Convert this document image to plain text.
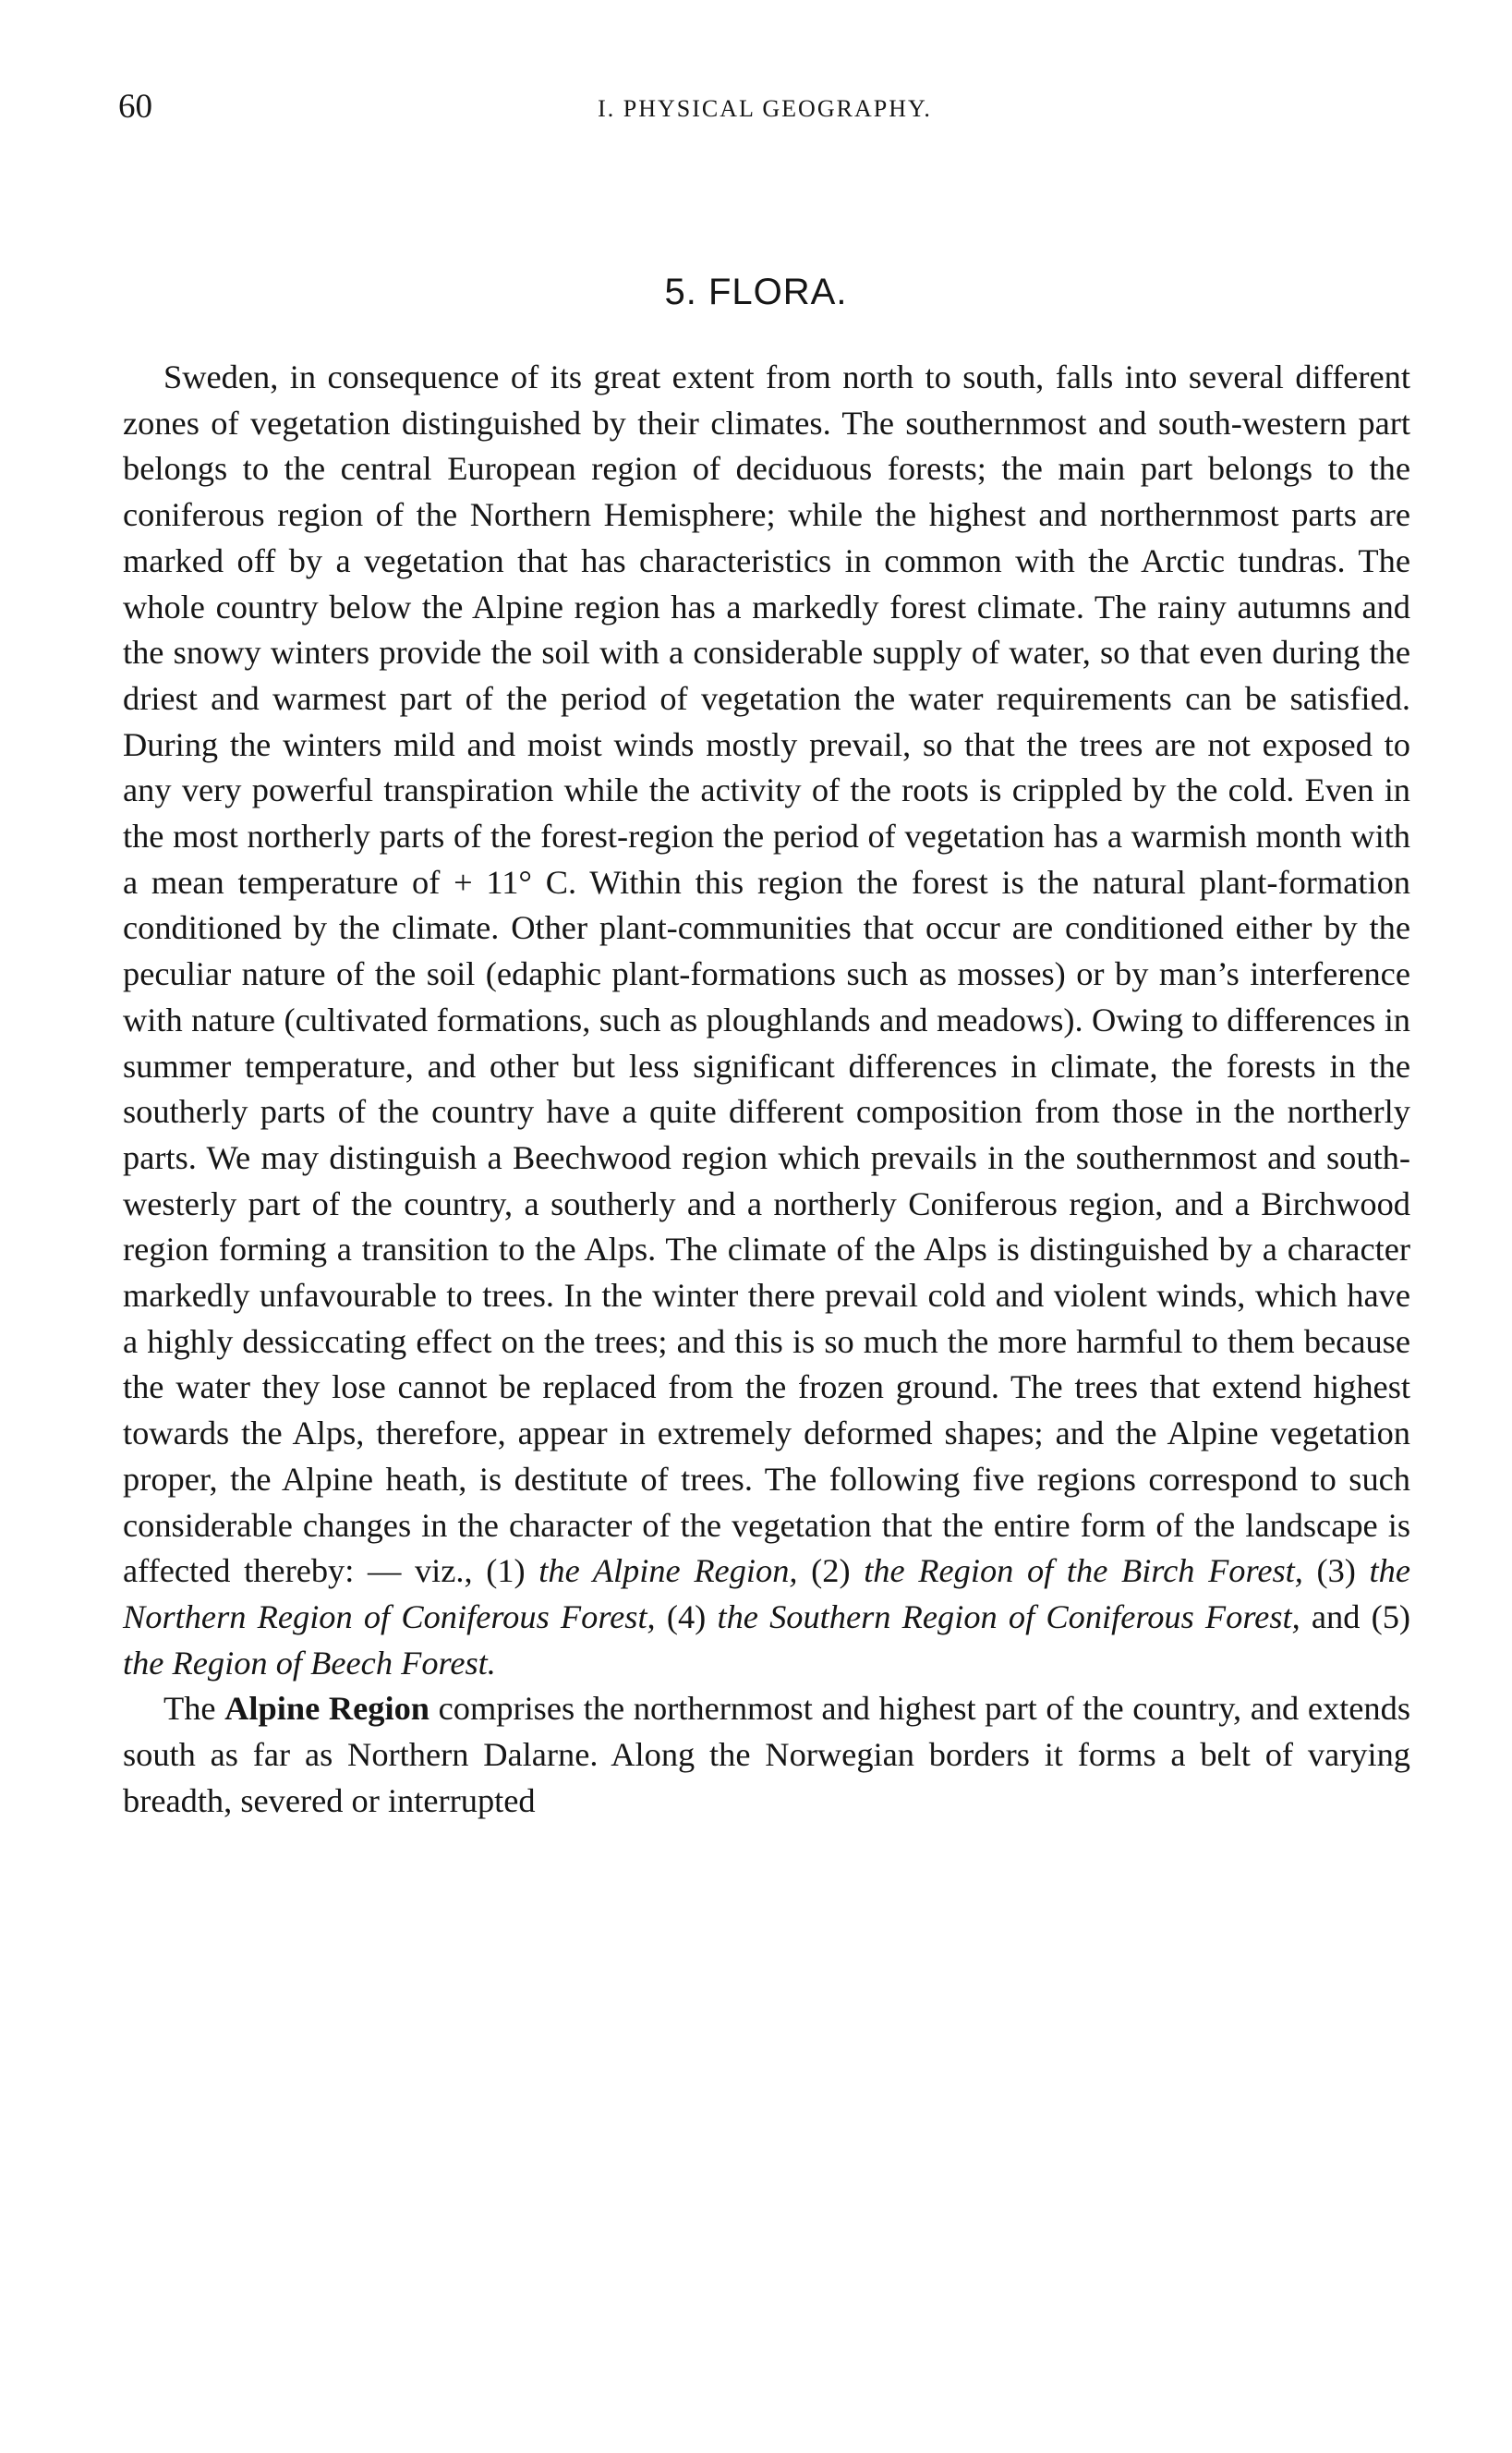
60	I. PHYSICAL GEOGRAPHY.
5. FLORA.

Sweden, in consequence of its great extent from north to south, falls into several different zones of vegetation distinguished by their climates. The southernmost and south-western part belongs to the central European region of deciduous forests; the main part belongs to the coniferous region of the Northern Hemisphere; while the highest and northernmost parts are marked off by a vegetation that has characteristics in common with the Arctic tundras. The whole country below the Alpine region has a markedly forest climate. The rainy autumns and the snowy winters provide the soil with a considerable supply of water, so that even during the driest and warmest part of the period of vegetation the water requirements can be satisfied. During the winters mild and moist winds mostly prevail, so that the trees are not exposed to any very powerful transpiration while the activity of the roots is crippled by the cold. Even in the most northerly parts of the forest-region the period of vegetation has a warmish month with a mean temperature of + 11° C. Within this region the forest is the natural plant-formation conditioned by the climate. Other plant-communities that occur are conditioned either by the peculiar nature of the soil (edaphic plant-formations such as mosses) or by man’s interference with nature (cultivated formations, such as ploughlands and meadows). Owing to differences in summer temperature, and other but less significant differences in climate, the forests in the southerly parts of the country have a quite different composition from those in the northerly parts. We may distinguish a Beechwood region which prevails in the southernmost and south-westerly part of the country, a southerly and a northerly Coniferous region, and a Birchwood region forming a transition to the Alps. The climate of the Alps is distinguished by a character markedly unfavourable to trees. In the winter there prevail cold and violent winds, which have a highly dessiccating effect on the trees; and this is so much the more harmful to them because the water they lose cannot be replaced from the frozen ground. The trees that extend highest towards the Alps, therefore, appear in extremely deformed shapes; and the Alpine vegetation proper, the Alpine heath, is destitute of trees. The following five regions correspond to such considerable changes in the character of the vegetation that the entire form of the landscape is affected thereby: — viz., (1) the Alpine Region, (2) the Region of the Birch Forest, (3) the Northern Region of Coniferous Forest, (4) the Southern Region of Coniferous Forest, and (5) the Region of Beech Forest.

The Alpine Region comprises the northernmost and highest part of the country, and extends south as far as Northern Dalarne. Along the Norwegian borders it forms a belt of varying breadth, severed or interrupted
